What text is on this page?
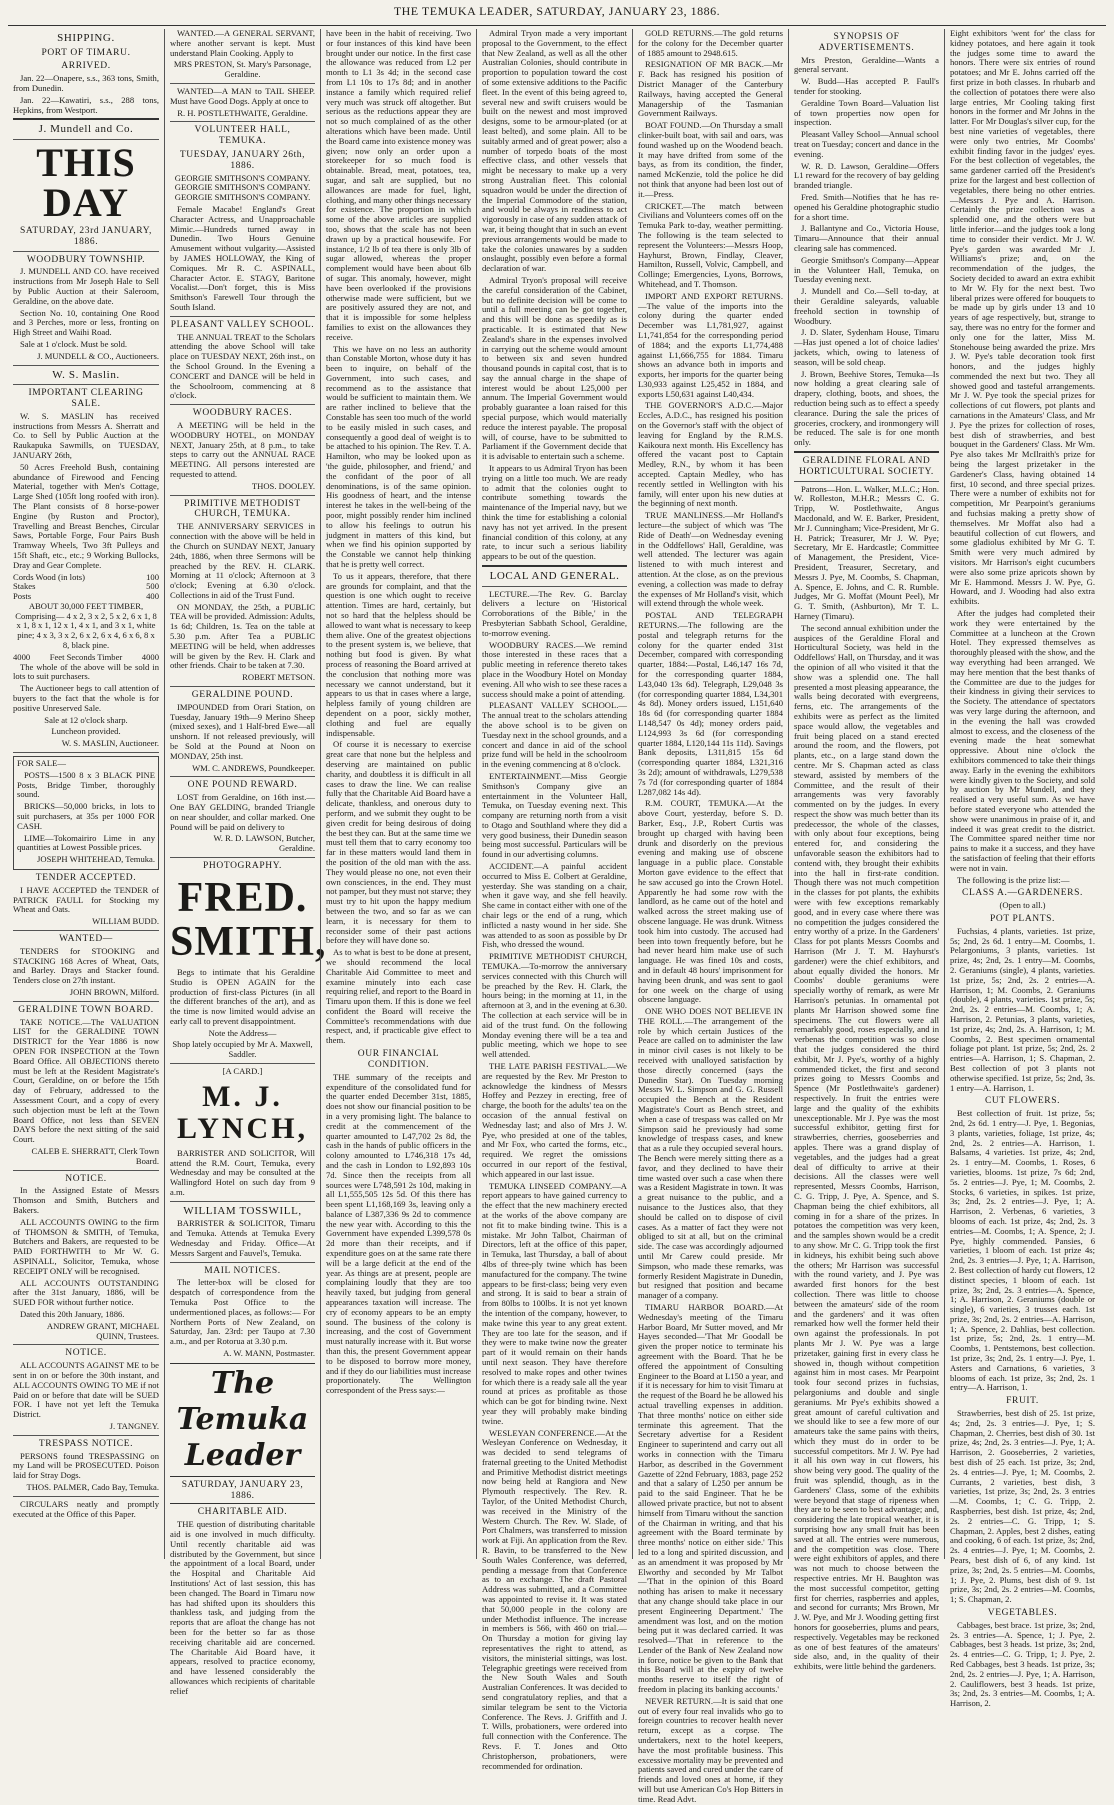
THE TEMUKA LEADER, SATURDAY, JANUARY 23, 1886.
SHIPPING.
PORT OF TIMARU.
ARRIVED.

Jan. 22—Onapere, s.s., 363 tons, Smith, from Dunedin.

Jan. 22—Kawatiri, s.s., 288 tons, Hepkins, from Westport.

J. Mundell and Co.
THIS DAY
SATURDAY, 23rd JANUARY, 1886.
WOODBURY TOWNSHIP.

J. MUNDELL AND CO. have received instructions from Mr Joseph Hale to Sell by Public Auction at their Saleroom, Geraldine, on the above date.

Section No. 10, containing One Rood and 3 Perches, more or less, fronting on High Street and Waihi Road.

Sale at 1 o'clock. Must be sold.

J. MUNDELL & CO., Auctioneers.

W. S. Maslin.
IMPORTANT CLEARING SALE.

W. S. MASLIN has received instructions from Messrs A. Sherratt and Co. to Sell by Public Auction at the Raukapuka Sawmills, on TUESDAY, JANUARY 26th,

50 Acres Freehold Bush, containing abundance of Firewood and Fencing Material, together with Men's Cottage, Large Shed (105ft long roofed with iron). The Plant consists of 8 horse-power Engine (by Ruston and Proctor), Travelling and Breast Benches, Circular Saws, Portable Forge, Four Pairs Bush Tramway Wheels, Two 3ft Pulleys and 15ft Shaft, etc., etc.; 9 Working Bullocks, Dray and Gear Complete.

Cords Wood (in lots)	100
Stakes	500
Posts	400

ABOUT 30,000 FEET TIMBER, Comprising— 4 x 2, 3 x 2, 5 x 2, 6 x 1, 8 x 1, 8 x 1, 12 x 1, 4 x 1, and 3 x 1, white pine; 4 x 3, 3 x 2, 6 x 2, 6 x 4, 6 x 6, 8 x 8, black pine.

4000 Feet Seconds Timber 4000

The whole of the above will be sold in lots to suit purchasers.

The Auctioneer begs to call attention of buyers to the fact that the whole is for positive Unreserved Sale.

Sale at 12 o'clock sharp.

Luncheon provided.

W. S. MASLIN, Auctioneer.

FOR SALE—

POSTS—1500 8 x 3 BLACK PINE Posts, Bridge Timber, thoroughly sound.

BRICKS—50,000 bricks, in lots to suit purchasers, at 35s per 1000 FOR CASH.

LIME—Tokomairiro Lime in any quantities at Lowest Possible prices.

JOSEPH WHITEHEAD, Temuka.

TENDER ACCEPTED.

I HAVE ACCEPTED the TENDER of PATRICK FAULL for Stocking my Wheat and Oats.

WILLIAM BUDD.

WANTED—

TENDERS for STOOKING and STACKING 168 Acres of Wheat, Oats, and Barley. Drays and Stacker found. Tenders close on 27th instant.

JOHN BROWN, Milford.

GERALDINE TOWN BOARD.

TAKE NOTICE.—The VALUATION LIST for the GERALDINE TOWN DISTRICT for the Year 1886 is now OPEN FOR INSPECTION at the Town Board Office. All OBJECTIONS thereto must be left at the Resident Magistrate's Court, Geraldine, on or before the 15th day of February, addressed to the Assessment Court, and a copy of every such objection must be left at the Town Board Office, not less than SEVEN DAYS before the next sitting of the said Court.

CALEB E. SHERRATT, Clerk Town Board.

NOTICE.

In the Assigned Estate of Messrs Thomson and Smith, Butchers and Bakers.

ALL ACCOUNTS OWING to the firm of THOMSON & SMITH, of Temuka, Butchers and Bakers, are requested to be PAID FORTHWITH to Mr W. G. ASPINALL, Solicitor, Temuka, whose RECEIPT ONLY will be recognised.

ALL ACCOUNTS OUTSTANDING after the 31st January, 1886, will be SUED FOR without further notice.

Dated this 20th January, 1886.

ANDREW GRANT, MICHAEL QUINN, Trustees.

NOTICE.

ALL ACCOUNTS AGAINST ME to be sent in on or before the 30th instant, and ALL ACCOUNTS OWING TO ME if not Paid on or before that date will be SUED FOR. I have not yet left the Temuka District.

J. TANGNEY.

TRESPASS NOTICE.

PERSONS found TRESPASSING on my Land will be PROSECUTED. Poison laid for Stray Dogs.

THOS. PALMER, Cado Bay, Temuka.

CIRCULARS neatly and promptly executed at the Office of this Paper.

WANTED.—A GENERAL SERVANT, where another servant is kept. Must understand Plain Cooking. Apply to

MRS PRESTON, St. Mary's Parsonage, Geraldine.

WANTED—A MAN to TAIL SHEEP. Must have Good Dogs. Apply at once to

R. H. POSTLETHWAITE, Geraldine.

VOLUNTEER HALL, TEMUKA.
TUESDAY, JANUARY 26th, 1886.

GEORGIE SMITHSON'S COMPANY. GEORGIE SMITHSON'S COMPANY. GEORGIE SMITHSON'S COMPANY.

Female Macabe! England's Great Character Actress, and Unapproachable Mimic.—Hundreds turned away in Dunedin. Two Hours Genuine Amusement without vulgarity.—Assisted by JAMES HOLLOWAY, the King of Comiques. Mr R. C. ASPINALL, Character Actor. E. STAGY, Baritone Vocalist.—Don't forget, this is Miss Smithson's Farewell Tour through the South Island.

PLEASANT VALLEY SCHOOL.

THE ANNUAL TREAT to the Scholars attending the above School will take place on TUESDAY NEXT, 26th inst., on the School Ground. In the Evening a CONCERT and DANCE will be held in the Schoolroom, commencing at 8 o'clock.

WOODBURY RACES.

A MEETING will be held in the WOODBURY HOTEL, on MONDAY NEXT, January 25th, at 8 p.m., to take steps to carry out the ANNUAL RACE MEETING. All persons interested are requested to attend.

THOS. DOOLEY.

PRIMITIVE METHODIST CHURCH, TEMUKA.

THE ANNIVERSARY SERVICES in connection with the above will be held in the Church on SUNDAY NEXT, January 24th, 1886, when three Sermons will be preached by the REV. H. CLARK. Morning at 11 o'clock; Afternoon at 3 o'clock; Evening at 6.30 o'clock. Collections in aid of the Trust Fund.

ON MONDAY, the 25th, a PUBLIC TEA will be provided. Admission: Adults, 1s 6d; Children, 1s. Tea on the table at 5.30 p.m. After Tea a PUBLIC MEETING will be held, when addresses will be given by the Rev. H. Clark and other friends. Chair to be taken at 7.30.

ROBERT METSON.

GERALDINE POUND.

IMPOUNDED from Orari Station, on Tuesday, January 19th—9 Merino Sheep (mixed sexes), and 1 Half-bred Ewe—all unshorn. If not released previously, will be Sold at the Pound at Noon on MONDAY, 25th inst.

WM. C. ANDREWS, Poundkeeper.

ONE POUND REWARD.

LOST from Geraldine, on 16th inst.—One BAY GELDING, branded Triangle on near shoulder, and collar marked. One Pound will be paid on delivery to

W. R. D. LAWSON, Butcher, Geraldine.

PHOTOGRAPHY.
FRED. SMITH,

Begs to intimate that his Geraldine Studio is OPEN AGAIN for the production of first-class Pictures (in all the different branches of the art), and as the time is now limited would advise an early call to prevent disappointment.

Note the Address—

Shop lately occupied by Mr A. Maxwell, Saddler.

[A CARD.]

M. J. LYNCH,

BARRISTER AND SOLICITOR, Will attend the R.M. Court, Temuka, every Wednesday and may be consulted at the Wallingford Hotel on such day from 9 a.m.

WILLIAM TOSSWILL,

BARRISTER & SOLICITOR, Timaru and Temuka. Attends at Temuka Every Wednesday and Friday. Office—At Messrs Sargent and Fauvel's, Temuka.

MAIL NOTICES.

The letter-box will be closed for despatch of correspondence from the Temuka Post Office to the undermentioned places, as follows:— For Northern Ports of New Zealand, on Saturday, Jan. 23rd: per Taupo at 7.30 a.m., and per Rotorua at 3.30 p.m.

A. W. MANN, Postmaster.

The Temuka Leader
SATURDAY, JANUARY 23, 1886.
CHARITABLE AID.

THE question of distributing charitable aid is one involved in much difficulty. Until recently charitable aid was distributed by the Government, but since the appointment of a local Board, under the Hospital and Charitable Aid Institutions' Act of last session, this has been changed. The Board in Timaru now has had shifted upon its shoulders this thankless task, and judging from the reports that are afloat the change has not been for the better so far as those receiving charitable aid are concerned. The Charitable Aid Board have, it appears, resolved to practice economy, and have lessened considerably the allowances which recipients of charitable relief

have been in the habit of receiving. Two or four instances of this kind have been brought under our notice. In the first case the allowance was reduced from L2 per month to L1 3s 4d; in the second case from L1 10s to 17s 8d; and in another instance a family which required relief very much was struck off altogether. But serious as the reductions appear they are not so much complained of as the other alterations which have been made. Until the Board came into existence money was given; now only an order upon a storekeeper for so much food is obtainable. Bread, meat, potatoes, tea, sugar, and salt are supplied, but no allowances are made for fuel, light, clothing, and many other things necessary for existence. The proportion in which some of the above articles are supplied too, shows that the scale has not been drawn up by a practical housewife. For instance, 1/2 lb of tea there is only 3lb of sugar allowed, whereas the proper complement would have been about 6lb of sugar. This anomaly, however, might have been overlooked if the provisions otherwise made were sufficient, but we are positively assured they are not, and that it is impossible for some helpless families to exist on the allowances they receive.

This we have on no less an authority than Constable Morton, whose duty it has been to inquire, on behalf of the Government, into such cases, and recommend as to the assistance that would be sufficient to maintain them. We are rather inclined to believe that the Constable has seen too much of the world to be easily misled in such cases, and consequently a good deal of weight is to be attached to his opinion. The Rev. T. A. Hamilton, who may be looked upon as 'the guide, philosopher, and friend,' and the confidant of the poor of all denominations, is of the same opinion. His goodness of heart, and the intense interest he takes in the well-being of the poor, might possibly render him inclined to allow his feelings to outrun his judgment in matters of this kind, but when we find his opinion supported by the Constable we cannot help thinking that he is pretty well correct.

To us it appears, therefore, that there are grounds for complaint, and that the question is one which ought to receive attention. Times are hard, certainly, but not so hard that the helpless should be allowed to want what is necessary to keep them alive. One of the greatest objections to the present system is, we believe, that nothing but food is given. By what process of reasoning the Board arrived at the conclusion that nothing more was necessary we cannot understand, but it appears to us that in cases where a large, helpless family of young children are dependent on a poor, sickly mother, clothing and fuel are equally indispensable.

Of course it is necessary to exercise great care that none but the helpless and deserving are maintained on public charity, and doubtless it is difficult in all cases to draw the line. We can realise fully that the Charitable Aid Board have a delicate, thankless, and onerous duty to perform, and we submit they ought to be given credit for being desirous of doing the best they can. But at the same time we must tell them that to carry economy too far in these matters would land them in the position of the old man with the ass. They would please no one, not even their own consciences, in the end. They must not pamper, but they must not starve; they must try to hit upon the happy medium between the two, and so far as we can learn, it is necessary for them to reconsider some of their past actions before they will have done so.

As to what is best to be done at present, we should recommend the local Charitable Aid Committee to meet and examine minutely into each case requiring relief, and report to the Board in Timaru upon them. If this is done we feel confident the Board will receive the Committee's recommendations with due respect, and, if practicable give effect to them.

OUR FINANCIAL CONDITION.

THE summary of the receipts and expenditure of the consolidated fund for the quarter ended December 31st, 1885, does not show our financial position to be in a very promising light. The balance to credit at the commencement of the quarter amounted to L47,702 2s 8d, the cash in the hands of public officers in the colony amounted to L746,318 17s 4d, and the cash in London to L92,893 10s 7d. Since then the receipts from all sources were L748,591 2s 10d, making in all L1,555,505 12s 5d. Of this there has been spent L1,168,169 3s, leaving only a balance of L387,336 9s 2d to commence the new year with. According to this the Government have expended L399,578 0s 2d more than their receipts, and if expenditure goes on at the same rate there will be a large deficit at the end of the year. As things are at present, people are complaining loudly that they are too heavily taxed, but judging from general appearances taxation will increase. The cry of economy appears to be an empty sound. The business of the colony is increasing, and the cost of Government must naturally increase with it. But worse than this, the present Government appear to be disposed to borrow more money, and if they do our liabilities must increase proportionately. The Wellington correspondent of the Press says:—

Admiral Tryon made a very important proposal to the Government, to the effect that New Zealand, as well as all the other Australian Colonies, should contribute in proportion to population toward the cost of some extensive additions to the Pacific fleet. In the event of this being agreed to, several new and swift cruisers would be built on the newest and most improved designs, some to be armour-plated (or at least belted), and some plain. All to be suitably armed and of great power; also a number of torpedo boats of the most effective class, and other vessels that might be necessary to make up a very strong Australian fleet. This colonial squadron would be under the direction of the Imperial Commodore of the station, and would be always in readiness to act vigorously in case of any sudden attack of war, it being thought that in such an event previous arrangements would be made to take the colonies unawares by a sudden onslaught, possibly even before a formal declaration of war.

Admiral Tryon's proposal will receive the careful consideration of the Cabinet, but no definite decision will be come to until a full meeting can be got together, and this will be done as speedily as is practicable. It is estimated that New Zealand's share in the expenses involved in carrying out the scheme would amount to between six and seven hundred thousand pounds in capital cost, that is to say the annual charge in the shape of interest would be about L25,000 per annum. The Imperial Government would probably guarantee a loan raised for this special purpose, which would materially reduce the interest payable. The proposal will, of course, have to be submitted to Parliament if the Government decide that it is advisable to entertain such a scheme.

It appears to us Admiral Tryon has been trying on a little too much. We are ready to admit that the colonies ought to contribute something towards the maintenance of the Imperial navy, but we think the time for establishing a colonial navy has not yet arrived. In the present financial condition of this colony, at any rate, to incur such a serious liability appears to be out of the question.

LOCAL AND GENERAL.

LECTURE.—The Rev. G. Barclay delivers a lecture on 'Historical Corroborations of the Bible,' in the Presbyterian Sabbath School, Geraldine, to-morrow evening.

WOODBURY RACES.—We remind those interested in these races that a public meeting in reference thereto takes place in the Woodbury Hotel on Monday evening. All who wish to see these races a success should make a point of attending.

PLEASANT VALLEY SCHOOL.—The annual treat to the scholars attending the above school is to be given on Tuesday next in the school grounds, and a concert and dance in aid of the school prize fund will be held in the schoolroom in the evening commencing at 8 o'clock.

ENTERTAINMENT.—Miss Georgie Smithson's Company give an entertainment in the Volunteer Hall, Temuka, on Tuesday evening next. This company are returning north from a visit to Otago and Southland where they did a very good business, their Dunedin season being most successful. Particulars will be found in our advertising columns.

ACCIDENT.—A painful accident occurred to Miss E. Colbert at Geraldine, yesterday. She was standing on a chair, when it gave way, and she fell heavily. She came in contact either with one of the chair legs or the end of a rung, which inflicted a nasty wound in her side. She was attended to as soon as possible by Dr Fish, who dressed the wound.

PRIMITIVE METHODIST CHURCH, TEMUKA.—To-morrow the anniversary services connected with this Church will be preached by the Rev. H. Clark, the hours being; in the morning at 11, in the afternoon at 3, and in the evening at 6.30. The collection at each service will be in aid of the trust fund. On the following Monday evening there will be a tea and public meeting, which we hope to see well attended.

THE LATE PARISH FESTIVAL.—We are requested by the Rev. Mr Preston to acknowledge the kindness of Messrs Hoffey and Pezzey in erecting, free of charge, the booth for the adults' tea on the occasion of the annual festival on Wednesday last; and also of Mrs J. W. Pye, who presided at one of the tables, and Mr Fox, who carted the forms, etc., required. We regret the omissions occurred in our report of the festival, which appeared in our last issue.

TEMUKA LINSEED COMPANY.—A report appears to have gained currency to the effect that the new machinery erected at the works of the above company are not fit to make binding twine. This is a mistake. Mr John Talbot, Chairman of Directors, left at the office of this paper, in Temuka, last Thursday, a ball of about 4lbs of three-ply twine which has been manufactured for the company. The twine appears to be first-class; being very even and strong. It is said to bear a strain of from 80lbs to 100lbs. It is not yet known the intention of the company, however, to make twine this year to any great extent. They are too late for the season, and if they were to make twine now the greater part of it would remain on their hands until next season. They have therefore resolved to make ropes and other twines for which there is a ready sale all the year round at prices as profitable as those which can be got for binding twine. Next year they will probably make binding twine.

WESLEYAN CONFERENCE.—At the Wesleyan Conference on Wednesday, it was decided to send telegrams of fraternal greeting to the United Methodist and Primitive Methodist district meetings now being held at Rangiora and New Plymouth respectively. The Rev. R. Taylor, of the United Methodist Church, was received in the Ministry of the Western Church. The Rev. W. Slade, of Port Chalmers, was transferred to mission work at Fiji. An application from the Rev. R. Bavin, to be transferred to the New South Wales Conference, was deferred, pending a message from that Conference as to an exchange. The draft Pastoral Address was submitted, and a Committee was appointed to revise it. It was stated that 50,000 people in the colony are under Methodist influence. The increase in members is 566, with 460 on trial.—On Thursday a motion for giving lay representatives the right to attend, as visitors, the ministerial sittings, was lost. Telegraphic greetings were received from the New South Wales and South Australian Conferences. It was decided to send congratulatory replies, and that a similar telegram be sent to the Victoria Conference. The Revs. J. Griffith and J. T. Wills, probationers, were ordered into full connection with the Conference. The Revs. F. T. Jones and Otto Christopherson, probationers, were recommended for ordination.

GOLD RETURNS.—The gold returns for the colony for the December quarter of 1885 amount to 2948.615.

RESIGNATION OF MR BACK.—Mr F. Back has resigned his position of District Manager of the Canterbury Railways, having accepted the General Managership of the Tasmanian Government Railways.

BOAT FOUND.—On Thursday a small clinker-built boat, with sail and oars, was found washed up on the Woodend beach. It may have drifted from some of the bays, as from its condition, the finder, named McKenzie, told the police he did not think that anyone had been lost out of it.—Press.

CRICKET.—The match between Civilians and Volunteers comes off on the Temuka Park to-day, weather permitting. The following is the team selected to represent the Volunteers:—Messrs Hoop, Hayhurst, Brown, Findlay, Cleaver, Hamilton, Russell, Volvic, Campbell, and Collinge; Emergencies, Lyons, Borrows, Whitehead, and T. Thomson.

IMPORT AND EXPORT RETURNS.—The value of the imports into the colony during the quarter ended December was L1,781,927, against L1,741,854 for the corresponding period of 1884; and the exports L1,774,488 against L1,666,755 for 1884. Timaru shows an advance both in imports and exports, her imports for the quarter being L30,933 against L25,452 in 1884, and exports L50,631 against L40,434.

THE GOVERNOR'S A.D.C.—Major Eccles, A.D.C., has resigned his position on the Governor's staff with the object of leaving for England by the R.M.S. Kaikoura next month. His Excellency has offered the vacant post to Captain Medley, R.N., by whom it has been accepted. Captain Medley, who has recently settled in Wellington with his family, will enter upon his new duties at the beginning of next month.

TRUE MANLINESS.—Mr Holland's lecture—the subject of which was 'The Ride of Death'—on Wednesday evening in the Oddfellows' Hall, Geraldine, was well attended. The lecturer was again listened to with much interest and attention. At the close, as on the previous evening, a collection was made to defray the expenses of Mr Holland's visit, which will extend through the whole week.

POSTAL AND TELEGRAPH RETURNS.—The following are the postal and telegraph returns for the colony for the quarter ended 31st December, compared with corresponding quarter, 1884:—Postal, L46,147 16s 7d, for the corresponding quarter 1884, L43,040 13s 6d). Telegraph, L29,048 3s (for corresponding quarter 1884, L34,301 4s 8d). Money orders issued, L151,640 18s 6d (for corresponding quarter 1884 L148,547 0s 4d); money orders paid, L124,993 3s 6d (for corresponding quarter 1884, L120,144 11s 11d). Savings Bank deposits, L311,815 15s 6d (corresponding quarter 1884, L321,316 3s 2d); amount of withdrawals, L279,538 7s 7d (for corresponding quarter of 1884 L287,082 14s 4d).

R.M. COURT, TEMUKA.—At the above Court, yesterday, before S. D. Barker, Esq., J.P., Robert Curtis was brought up charged with having been drunk and disorderly on the previous evening and making use of obscene language in a public place. Constable Morton gave evidence to the effect that he saw accused go into the Crown Hotel. Apparently he had some row with the landlord, as he came out of the hotel and walked across the street making use of obscene language. He was drunk. Witness took him into custody. The accused had been into town frequently before, but he had never heard him make use of such language. He was fined 10s and costs, and in default 48 hours' imprisonment for having been drunk, and was sent to gaol for one week on the charge of using obscene language.

ONE WHO DOES NOT BELIEVE IN THE ROLL.—The arrangement of the role by which certain Justices of the Peace are called on to administer the law in minor civil cases is not likely to be received with unalloyed satisfaction by those directly concerned (says the Dunedin Star). On Tuesday morning Messrs W. L. Simpson and G. G. Russell occupied the Bench at the Resident Magistrate's Court as Bench street, and when a case of trespass was called on Mr Simpson said he previously had some knowledge of trespass cases, and knew that as a rule they occupied several hours. The Bench were merely sitting there as a favor, and they declined to have their time wasted over such a case when there was a Resident Magistrate in town. It was a great nuisance to the public, and a nuisance to the Justices also, that they should be called on to dispose of civil cases. As a matter of fact they were not obliged to sit at all, but on the criminal side. The case was accordingly adjourned until Mr Carew could preside. Mr Simpson, who made these remarks, was formerly Resident Magistrate in Dunedin, but resigned that position and became manager of a company.

TIMARU HARBOR BOARD.—At Wednesday's meeting of the Timaru Harbor Board, Mr Sutter moved, and Mr Hayes seconded—'That Mr Goodall be given the proper notice to terminate his agreement with the Board. That he be offered the appointment of Consulting Engineer to the Board at L150 a year, and if it is necessary for him to visit Timaru at the request of the Board he be allowed his actual travelling expenses in addition. That three months' notice on either side terminate this agreement. That the Secretary advertise for a Resident Engineer to superintend and carry out all works in connection with the Timaru Harbor, as described in the Government Gazette of 22nd February, 1883, page 252 and that a salary of L250 per annum be paid to the said Engineer. That he be allowed private practice, but not to absent himself from Timaru without the sanction of the Chairman in writing, and that his agreement with the Board terminate by three months' notice on either side.' This led to a long and spirited discussion, and as an amendment it was proposed by Mr Elworthy and seconded by Mr Talbot—'That in the opinion of this Board nothing has arisen to make it necessary that any change should take place in our present Engineering Department.' The amendment was lost, and on the motion being put it was declared carried. It was resolved—'That in reference to the Lender of the Bank of New Zealand now in force, notice be given to the Bank that this Board will at the expiry of twelve months reserve to itself the right of freedom in placing its banking accounts.'

NEVER RETURN.—It is said that one out of every four real invalids who go to foreign countries to recover health never return, except as a corpse. The undertakers, next to the hotel keepers, have the most profitable business. This excessive mortality may be prevented and patients saved and cured under the care of friends and loved ones at home, if they will but use American Co's Hop Bitters in time. Read Advt.

SYNOPSIS OF ADVERTISEMENTS.

Mrs Preston, Geraldine—Wants a general servant.

W. Budd—Has accepted P. Faull's tender for stooking.

Geraldine Town Board—Valuation list of town properties now open for inspection.

Pleasant Valley School—Annual school treat on Tuesday; concert and dance in the evening.

W. R. D. Lawson, Geraldine—Offers L1 reward for the recovery of bay gelding branded triangle.

Fred. Smith—Notifies that he has re-opened his Geraldine photographic studio for a short time.

J. Ballantyne and Co., Victoria House, Timaru—Announce that their annual clearing sale has commenced.

Georgie Smithson's Company—Appear in the Volunteer Hall, Temuka, on Tuesday evening next.

J. Mundell and Co.—Sell to-day, at their Geraldine saleyards, valuable freehold section in township of Woodbury.

J. D. Slater, Sydenham House, Timaru—Has just opened a lot of choice ladies' jackets, which, owing to lateness of season, will be sold cheap.

J. Brown, Beehive Stores, Temuka—Is now holding a great clearing sale of drapery, clothing, boots, and shoes, the reduction being such as to effect a speedy clearance. During the sale the prices of groceries, crockery, and ironmongery will be reduced. The sale is for one month only.

GERALDINE FLORAL AND HORTICULTURAL SOCIETY.

Patrons—Hon. L. Walker, M.L.C.; Hon. W. Rolleston, M.H.R.; Messrs C. G. Tripp, W. Postlethwaite, Angus Macdonald, and W. E. Barker, President, Mr J. Cunningham; Vice-President, Mr G. H. Patrick; Treasurer, Mr J. W. Pye; Secretary, Mr E. Hardcastle; Committee of Management, the President, Vice-President, Treasurer, Secretary, and Messrs J. Pye, M. Coombs, S. Chapman, A. Spence, E. Johns, and C. R. Rumble. Judges, Mr G. Moffat (Mount Peel), Mr G. T. Smith, (Ashburton), Mr T. L. Harney (Timaru).

The second annual exhibition under the auspices of the Geraldine Floral and Horticultural Society, was held in the Oddfellows' Hall, on Thursday, and it was the opinion of all who visited it that the show was a splendid one. The hall presented a most pleasing appearance, the walls being decorated with evergreens, ferns, etc. The arrangements of the exhibits were as perfect as the limited space would allow, the vegetables and fruit being placed on a stand erected around the room, and the flowers, pot plants, etc., on a large stand down the centre. Mr S. Chapman acted as class steward, assisted by members of the Committee, and the result of their arrangements was very favorably commented on by the judges. In every respect the show was much better than its predecessor, the whole of the classes, with only about four exceptions, being entered for, and considering the unfavorable season the exhibitors had to contend with, they brought their exhibits into the hall in first-rate condition. Though there was not much competition in the classes for pot plants, the exhibits were with few exceptions remarkably good, and in every case where there was no competition the judges considered the entry worthy of a prize. In the Gardeners' Class for pot plants Messrs Coombs and Harrison (Mr J. T. M. Hayhurst's gardener) were the chief exhibitors, and about equally divided the honors. Mr Coombs' double geraniums were specially worthy of remark, as were Mr Harrison's petunias. In ornamental pot plants Mr Harrison showed some fine specimens. The cut flowers were all remarkably good, roses especially, and in verbenas the competition was so close that the judges considered the third exhibit, Mr J. Pye's, worthy of a highly commended ticket, the first and second prizes going to Messrs Coombs and Spence (Mr Postlethwaite's gardener) respectively. In fruit the entries were large and the quality of the exhibits unexceptionable. Mr J. Pye was the most successful exhibitor, getting first for strawberries, cherries, gooseberries and apples. There was a grand display of vegetables, and the judges had a great deal of difficulty to arrive at their decisions. All the classes were well represented, Messrs Coombs, Harrison, C. G. Tripp, J. Pye, A. Spence, and S. Chapman being the chief exhibitors, all coming in for a share of the prizes. In potatoes the competition was very keen, and the samples shown would be a credit to any show. Mr C. G. Tripp took the first in kidneys, his exhibit being such above the others; Mr Harrison was successful with the round variety, and J. Pye was awarded first honors for the best collection. There was little to choose between the amateurs' side of the room and the gardeners' and it was often remarked how well the former held their own against the professionals. In pot plants Mr J. W. Pye was a large prizetaker, gaining first in every class he showed in, though without competition against him in most cases. Mr Pearpoint took four second prizes in fuchsias, pelargoniums and double and single geraniums. Mr Pye's exhibits showed a great amount of careful cultivation and we should like to see a few more of our amateurs take the same pains with theirs, which they must do in order to be successful competitors. Mr J. W. Pye had it all his own way in cut flowers, his show being very good. The quality of the fruit was splendid, though, as in the Gardeners' Class, some of the exhibits were beyond that stage of ripeness when they are to be seen to best advantage; and, considering the late tropical weather, it is surprising how any small fruit has been saved at all. The entries were numerous, and the competition was close. There were eight exhibitors of apples, and there was not much to choose between the respective entries. Mr H. Baughton was the most successful competitor, getting first for cherries, raspberries and apples, and second for currants; Mrs Brown, Mr J. W. Pye, and Mr J. Wooding getting first honors for gooseberries, plums and pears, respectively. Vegetables may be reckoned as one of best features of the amateurs' side also, and, in the quality of their exhibits, were little behind the gardeners.

Eight exhibitors 'went for' the class for kidney potatoes, and here again it took the judges some time to award the honors. There were six entries of round potatoes; and Mr E. Johns carried off the first prize in both classes. In rhubarb and the collection of potatoes there were also large entries, Mr Cooling taking first honors in the former and Mr Johns in the latter. For Mr Douglas's silver cup, for the best nine varieties of vegetables, there were only two entries, Mr Coombs' exhibit finding favor in the judges' eyes. For the best collection of vegetables, the same gardener carried off the President's prize for the largest and best collection of vegetables, there being no other entries.—Messrs J. Pye and A. Harrison. Certainly the prize collection was a splendid one, and the others were but little inferior—and the judges took a long time to consider their verdict. Mr J. W. Pye's garden was awarded Mr J. Williams's prize; and, on the recommendation of the judges, the Society decided to award an extra exhibit to Mr W. Fly for the next best. Two liberal prizes were offered for bouquets to be made up by girls under 13 and 10 years of age respectively, but, strange to say, there was no entry for the former and only one for the latter, Miss M. Stonehouse being awarded the prize. Mrs J. W. Pye's table decoration took first honors, and the judges highly commended the next but two. They all showed good and tasteful arrangements. Mr J. W. Pye took the special prizes for collections of cut flowers, pot plants and carnations in the Amateurs' Class, and Mr J. Pye the prizes for collection of roses, best dish of strawberries, and best bouquet in the Gardeners' Class. Mr Wm. Pye also takes Mr McIlraith's prize for being the largest prizetaker in the Gardener's Class, having obtained 14 first, 10 second, and three special prizes. There were a number of exhibits not for competition, Mr Pearpoint's geraniums and fuchsias making a pretty show of themselves. Mr Moffat also had a beautiful collection of cut flowers, and some gladiolus exhibited by Mr G. T. Smith were very much admired by visitors. Mr Harrison's eight cucumbers were also some prize apricots shown by Mr E. Hammond. Messrs J. W. Pye, G. Howard, and J. Wooding had also extra exhibits.

After the judges had completed their work they were entertained by the Committee at a luncheon at the Crown Hotel. They expressed themselves as thoroughly pleased with the show, and the way everything had been arranged. We may here mention that the best thanks of the Committee are due to the judges for their kindness in giving their services to the Society. The attendance of spectators was very large during the afternoon, and in the evening the hall was crowded almost to excess, and the closeness of the evening made the heat somewhat oppressive. About nine o'clock the exhibitors commenced to take their things away. Early in the evening the exhibitors were kindly given to the Society, and sold by auction by Mr Mundell, and they realised a very useful sum. As we have before stated everyone who attended the show were unanimous in praise of it, and indeed it was great credit to the district. The Committee spared neither time nor pains to make it a success, and they have the satisfaction of feeling that their efforts were not in vain.

The following is the prize list:—

CLASS A.—GARDENERS.

(Open to all.)

POT PLANTS.

Fuchsias, 4 plants, varieties. 1st prize, 5s; 2nd, 2s 6d. 1 entry—M. Coombs, 1. Pelargoniums, 3 plants, varieties. 1st prize, 4s; 2nd, 2s. 1 entry—M. Coombs, 2. Geraniums (single), 4 plants, varieties. 1st prize, 5s; 2nd, 2s. 2 entries—A. Harrison, 1; M. Coombs, 2. Geraniums (double), 4 plants, varieties. 1st prize, 5s; 2nd, 2s. 2 entries—M. Coombs, 1; A. Harrison, 2. Petunias, 3 plants, varieties, 1st prize, 4s; 2nd, 2s. A. Harrison, 1; M. Coombs, 2. Best specimen ornamental foliage pot plant. 1st prize, 5s; 2nd, 2s. 2 entries—A. Harrison, 1; S. Chapman, 2. Best collection of pot 3 plants not otherwise specified. 1st prize, 5s; 2nd, 3s. 1 entry—A. Harrison, 1.

CUT FLOWERS.

Best collection of fruit. 1st prize, 5s; 2nd, 2s 6d. 1 entry—J. Pye, 1. Begonias, 3 plants, varieties, foliage, 1st prize, 4s; 2nd, 2s. 2 entries—A. Harrison, 1. Balsams, 4 varieties. 1st prize, 4s; 2nd, 2s. 1 entry—M. Coombs, 1. Roses, 6 varieties, blooms. 1st prize, 7s 6d; 2nd, 5s. 2 entries—J. Pye, 1; M. Coombs, 2. Stocks, 6 varieties, in spikes. 1st prize, 3s; 2nd, 2s. 2 entries—J. Pye, 1; A. Harrison, 2. Verbenas, 6 varieties, 3 blooms of each. 1st prize, 4s; 2nd, 2s. 3 entries—M. Coombs, 1; A. Spence, 2; J. Pye, highly commended. Pansies, 6 varieties, 1 bloom of each. 1st prize 4s; 2nd, 2s. 3 entries—J. Pye, 1; A. Harrison, 2. Best collection of hardy cut flowers, 12 distinct species, 1 bloom of each. 1st prize, 3s; 2nd, 2s. 3 entries—A. Spence, 1; A. Harrison, 2. Geraniums (double or single), 6 varieties, 3 trusses each. 1st prize, 3s; 2nd, 2s. 2 entries—A. Harrison, 1; A. Spence, 2. Dahlias, best collection. 1st prize, 5s; 2nd, 2s. 1 entry—M. Coombs, 1. Pentstemons, best collection. 1st prize, 3s; 2nd, 2s. 1 entry—J. Pye, 1. Asters and Carnations, 6 varieties, 3 blooms of each. 1st prize, 3s; 2nd, 2s. 1 entry—A. Harrison, 1.

FRUIT.

Strawberries, best dish of 25. 1st prize, 4s; 2nd, 2s. 3 entries—J. Pye, 1; S. Chapman, 2. Cherries, best dish of 30. 1st prize, 4s; 2nd, 2s. 3 entries—J. Pye, 1; A. Harrison, 2. Gooseberries, 2 varieties, best dish of 25 each. 1st prize, 3s; 2nd, 2s. 4 entries—J. Pye, 1; M. Coombs, 2. Currants, 2 varieties, best dish, 3 varieties, 1st prize, 3s; 2nd, 2s. 3 entries—M. Coombs, 1; C. G. Tripp, 2. Raspberries, best dish. 1st prize, 4s; 2nd, 2s. 2 entries—C. G. Tripp, 1; S. Chapman, 2. Apples, best 2 dishes, eating and cooking, 6 of each. 1st prize, 3s; 2nd, 2s. 4 entries—J. Pye, 1; M. Coombs, 2. Pears, best dish of 6, of any kind. 1st prize, 3s; 2nd, 2s. 5 entries—M. Coombs, 1; J. Pye, 2. Plums, best dish of 9. 1st prize, 3s; 2nd, 2s. 2 entries—M. Coombs, 1; S. Chapman, 2.

VEGETABLES.

Cabbages, best brace. 1st prize, 3s; 2nd, 2s. 3 entries—A. Spence, 1; J. Pye, 2. Cabbages, best 3 heads. 1st prize, 3s; 2nd, 2s. 4 entries—C. G. Tripp, 1; J. Pye, 2. Red Cabbages, best 3 heads. 1st prize, 3s; 2nd, 2s. 2 entries—J. Pye, 1; A. Harrison, 2. Cauliflowers, best 3 heads. 1st prize, 3s; 2nd, 2s. 3 entries—M. Coombs, 1; A. Harrison, 2.
